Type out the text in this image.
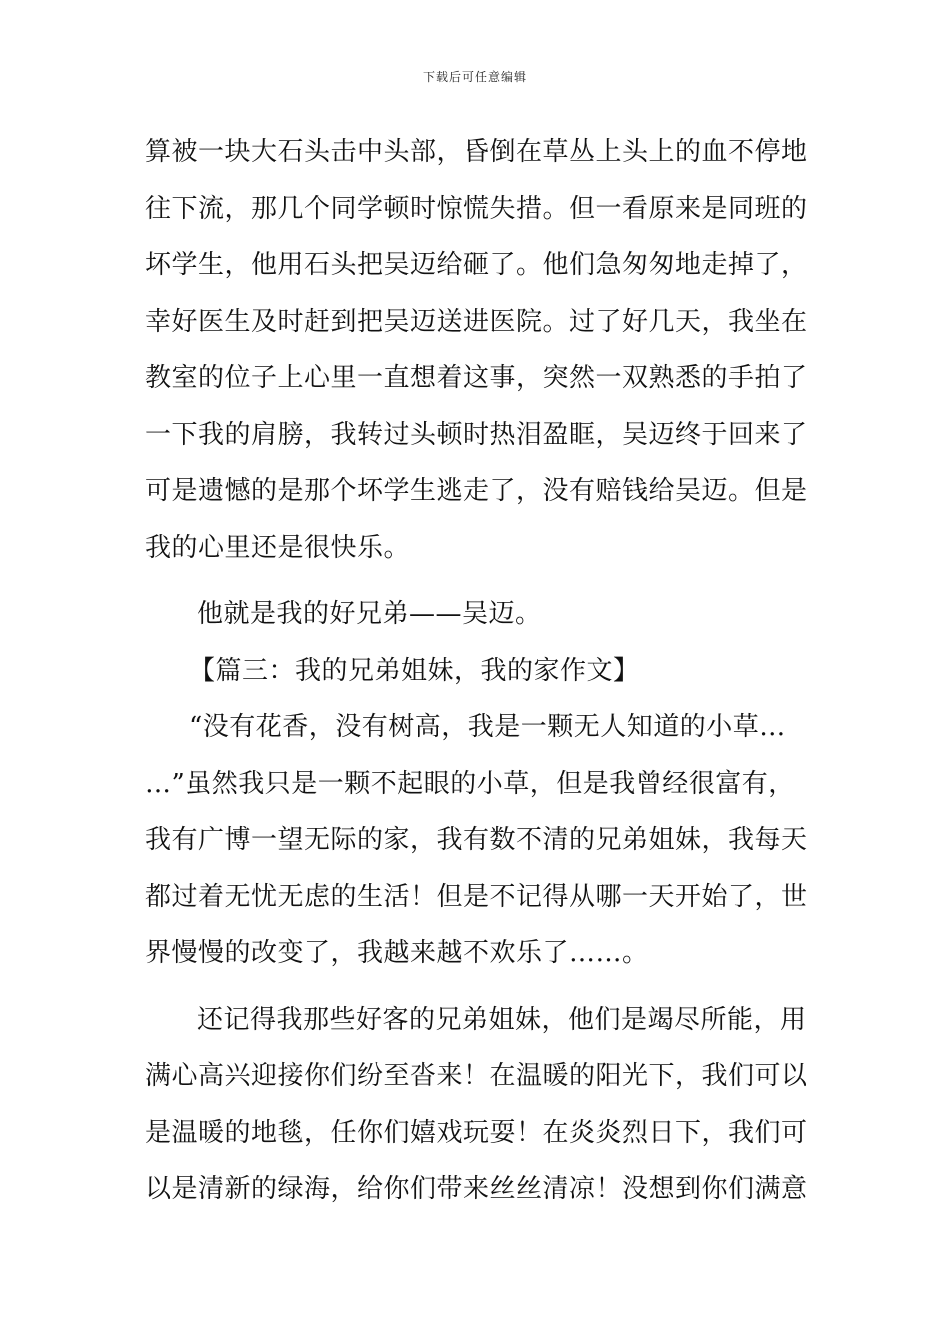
下载后可任意编辑
算被一块大石头击中头部，昏倒在草丛上头上的血不停地
往下流，那几个同学顿时惊慌失措。但一看原来是同班的
坏学生，他用石头把吴迈给砸了。他们急匆匆地走掉了，
幸好医生及时赶到把吴迈送进医院。过了好几天，我坐在
教室的位子上心里一直想着这事，突然一双熟悉的手拍了
一下我的肩膀，我转过头顿时热泪盈眶，吴迈终于回来了
可是遗憾的是那个坏学生逃走了，没有赔钱给吴迈。但是
我的心里还是很快乐。
他就是我的好兄弟——吴迈。
【篇三：我的兄弟姐妹，我的家作文】
“没有花香，没有树高，我是一颗无人知道的小草…
…”虽然我只是一颗不起眼的小草，但是我曾经很富有，
我有广博一望无际的家，我有数不清的兄弟姐妹，我每天
都过着无忧无虑的生活！但是不记得从哪一天开始了，世
界慢慢的改变了，我越来越不欢乐了……。
还记得我那些好客的兄弟姐妹，他们是竭尽所能，用
满心高兴迎接你们纷至沓来！在温暖的阳光下，我们可以
是温暖的地毯，任你们嬉戏玩耍！在炎炎烈日下，我们可
以是清新的绿海，给你们带来丝丝清凉！没想到你们满意
